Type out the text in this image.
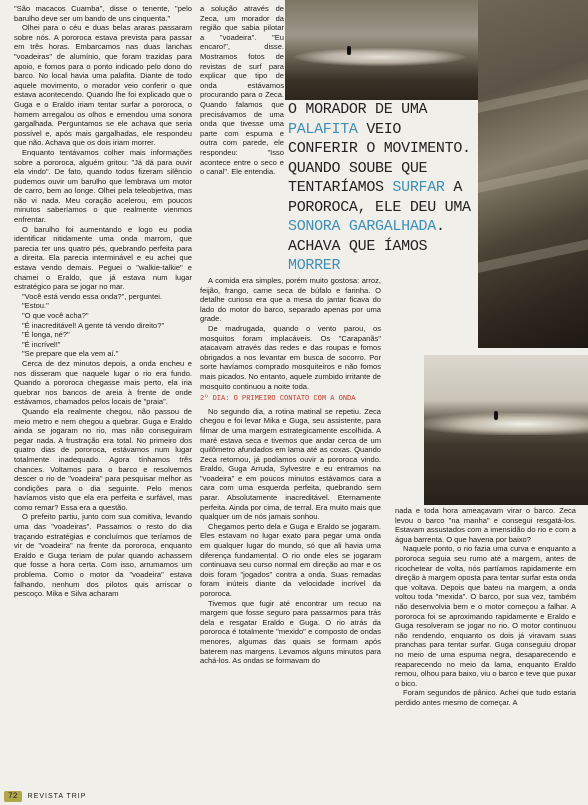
"São macacos Cuamba", disse o tenente, "pelo barulho deve ser um bando de uns cinquenta."

Olhei para o céu e duas belas araras passaram sobre nós. A pororoca estava prevista para passar em três horas. Embarcamos nas duas lanchas "voadeiras" de alumínio, que foram trazidas para apoio, e fomos para o ponto indicado pelo dono do barco. No local havia uma palafita. Diante de todo aquele movimento, o morador veio conferir o que estava acontecendo. Quando lhe foi explicado que o Guga e o Eraldo iriam tentar surfar a pororoca, o homem arregalou os olhos e emendou uma sonora gargalhada. Perguntamos se ele achava que seria possível e, após mais gargalhadas, ele respondeu que não. Achava que os dois iriam morrer.

Enquanto tentávamos colher mais informações sobre a pororoca, alguém gritou: "Já dá para ouvir ela vindo". De fato, quando todos fizeram silêncio pudemos ouvir um barulho que lembrava um motor de carro, bem ao longe. Olhei pela teleobjetiva, mas não vi nada. Meu coração acelerou, em poucos minutos saberíamos o que realmente vienmos enfrentar.

O barulho foi aumentando e logo eu podia identificar nitidamente uma onda marrom, que parecia ter uns quatro pés, quebrando perfeita para a direita. Ela parecia interminável e eu achei que estava vendo demais. Peguei o "walkie-talkie" e chamei o Eraldo, que já estava num lugar estratégico para se jogar no mar.

"Você está vendo essa onda?", perguntei.

"Estou."

"O que você acha?"

"É inacreditável! A gente tá vendo direito?"

"É longa, né?"

"É incrível!"

"Se prepare que ela vem aí."

Cerca de dez minutos depois, a onda encheu e nos disseram que naquele lugar o rio era fundo. Quando a pororoca chegasse mais perto, ela iria quebrar nos bancos de areia à frente de onde estávamos, chamados pelos locais de "praia".

Quando ela realmente chegou, não passou de meio metro e nem chegou a quebrar. Guga e Eraldo ainda se jogaram no rio, mas não conseguiram pegar nada. A frustração era total. No primeiro dos quatro dias de pororoca, estávamos num lugar totalmente inadequado. Agora tínhamos três chances. Voltamos para o barco e resolvemos descer o rio de "voadeira" para pesquisar melhor as condições para o dia seguinte. Pelo menos havíamos visto que ela era perfeita e surfável, mas como remar? Essa era a questão.

O prefeito partiu, junto com sua comitiva, levando uma das "voadeiras". Passamos o resto do dia traçando estratégias e concluímos que teríamos de vir de "voadeira" na frente da pororoca, enquanto Eraldo e Guga teriam de pular quando achassem que fosse a hora certa. Com isso, arrumamos um problema. Como o motor da "voadeira" estava falhando, nenhum dos pilotos quis arriscar o pescoço. Mika e Silva acharam

a solução através de Zeca, um morador da região que sabia pilotar a "voadeira". "Eu encaro!", disse. Mostramos fotos de revistas de surf para explicar que tipo de onda estávamos procurando para o Zeca. Quando falamos que precisávamos de uma onda que tivesse uma parte com espuma e outra com parede, ele respondeu: "Isso acontece entre o seco e o canal". Ele entendia.

O MORADOR DE UMA PALAFITA VEIO CONFERIR O MOVIMENTO. QUANDO SOUBE QUE TENTARÍAMOS SURFAR A POROROCA, ELE DEU UMA SONORA GARGALHADA. ACHAVA QUE ÍAMOS MORRER

A comida era simples, porém muito gostosa: arroz, feijão, frango, carne seca de búfalo e farinha. O detalhe curioso era que a mesa do jantar ficava do lado do motor do barco, separado apenas por uma grade.

De madrugada, quando o vento parou, os mosquitos foram implacáveis. Os "Carapanãs" atacavam através das redes e das roupas e fomos obrigados a nos levantar em busca de socorro. Por sorte havíamos comprado mosquiteiros e não fomos mais picados. No entanto, aquele zumbido irritante de mosquito continuou a noite toda.

2º DIA: O PRIMEIRO CONTATO COM A ONDA

No segundo dia, a rotina matinal se repetiu. Zeca chegou e foi levar Mika e Guga, seu assistente, para filmar de uma margem estrategicamente escolhida. A maré estava seca e tivemos que andar cerca de um quilômetro afundados em lama até as coxas. Quando Zeca retornou, já podíamos ouvir a pororoca vindo. Eraldo, Guga Arruda, Sylvestre e eu entramos na "voadeira" e em poucos minutos estávamos cara a cara com uma esquerda perfeita, quebrando sem parar. Absolutamente inacreditável. Eternamente perfeita. Ainda por cima, de terral. Era muito mais que qualquer um de nós jamais sonhou.

Chegamos perto dela e Guga e Eraldo se jogaram. Eles estavam no lugar exato para pegar uma onda em qualquer lugar do mundo, só que ali havia uma diferença fundamental. O rio onde eles se jogaram continuava seu curso normal em direção ao mar e os dois foram "jogados" contra a onda. Suas remadas foram inúteis diante da velocidade incrível da pororoca.

Tivemos que fugir até encontrar um recuo na margem que fosse seguro para passarmos para trás dela e resgatar Eraldo e Guga. O rio atrás da pororoca é totalmente "mexido" e composto de ondas menores, algumas das quais se formam após baterem nas margens. Levamos alguns minutos para achá-los. As ondas se formavam do

nada e toda hora ameaçavam virar o barco. Zeca levou o barco "na manha" e consegui resgatá-los. Estavam assustados com a imensidão do rio e com a água barrenta. O que havena por baixo?

Naquele ponto, o rio fazia uma curva e enquanto a pororoca seguia seu rumo até a margem, antes de ricochetear de volta, nós partíamos rapidamente em direção à margem oposta para tentar surfar esta onda que voltava. Depois que bateu na margem, a onda voltou toda "mexida". O barco, por sua vez, também não desenvolvia bem e o motor começou a falhar. A pororoca foi se aproximando rapidamente e Eraldo e Guga resolveram se jogar no rio. O motor continuou não rendendo, enquanto os dois já viravam suas pranchas para tentar surfar. Guga conseguiu dropar no meio de uma espuma negra, desaparecendo e reaparecendo no meio da lama, enquanto Eraldo remou, olhou para baixo, viu o barco e teve que puxar o bico.

Foram segundos de pânico. Achei que tudo estaria perdido antes mesmo de começar. A

72	REVISTA TRIP
